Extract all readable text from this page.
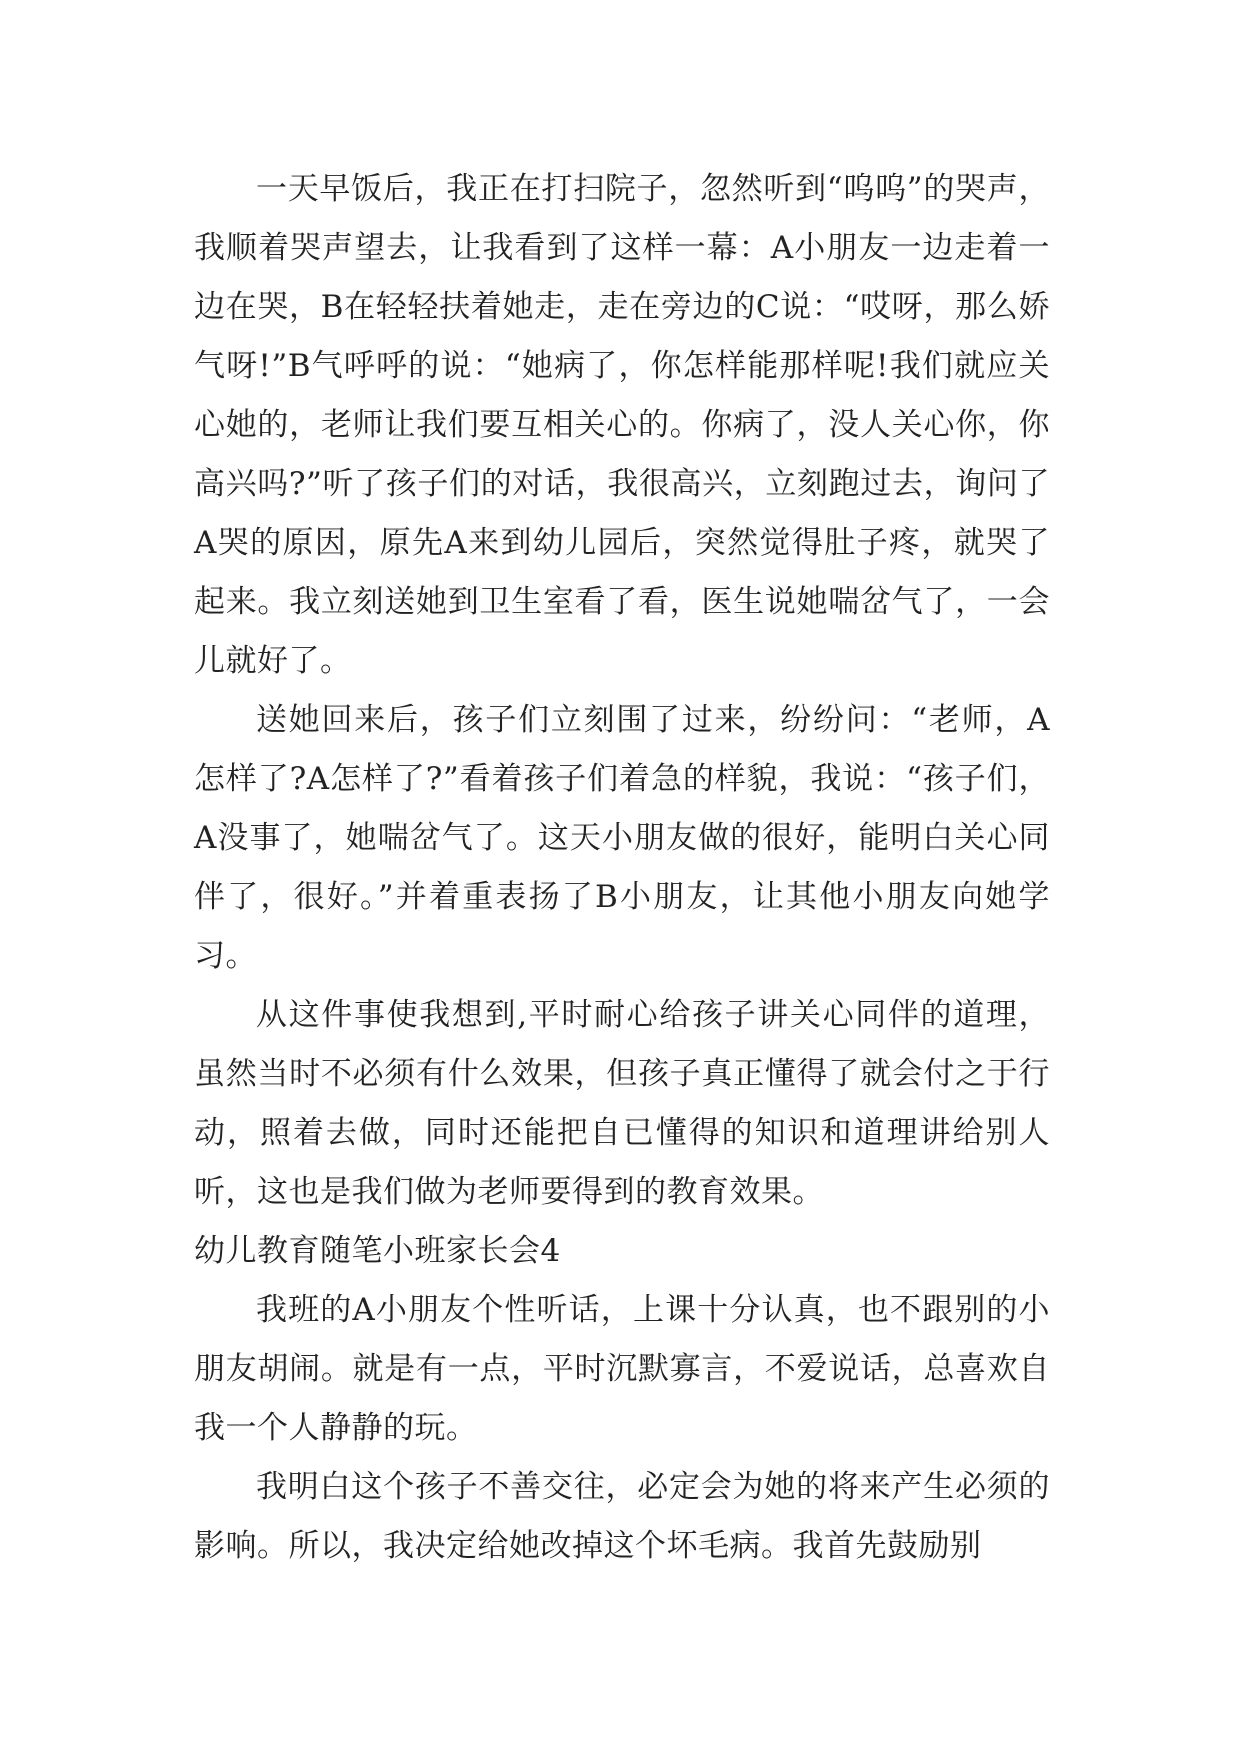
一天早饭后，我正在打扫院子，忽然听到“呜呜”的哭声，我顺着哭声望去，让我看到了这样一幕：A小朋友一边走着一边在哭，B在轻轻扶着她走，走在旁边的C说：“哎呀，那么娇气呀!”B气呼呼的说：“她病了，你怎样能那样呢!我们就应关心她的，老师让我们要互相关心的。你病了，没人关心你，你高兴吗?”听了孩子们的对话，我很高兴，立刻跑过去，询问了A哭的原因，原先A来到幼儿园后，突然觉得肚子疼，就哭了起来。我立刻送她到卫生室看了看，医生说她喘岔气了，一会儿就好了。

送她回来后，孩子们立刻围了过来，纷纷问：“老师，A怎样了?A怎样了?”看着孩子们着急的样貌，我说：“孩子们，A没事了，她喘岔气了。这天小朋友做的很好，能明白关心同伴了，很好。”并着重表扬了B小朋友，让其他小朋友向她学习。

从这件事使我想到,平时耐心给孩子讲关心同伴的道理，虽然当时不必须有什么效果，但孩子真正懂得了就会付之于行动，照着去做，同时还能把自已懂得的知识和道理讲给别人听，这也是我们做为老师要得到的教育效果。

幼儿教育随笔小班家长会4

我班的A小朋友个性听话，上课十分认真，也不跟别的小朋友胡闹。就是有一点，平时沉默寡言，不爱说话，总喜欢自我一个人静静的玩。

我明白这个孩子不善交往，必定会为她的将来产生必须的影响。所以，我决定给她改掉这个坏毛病。我首先鼓励别
